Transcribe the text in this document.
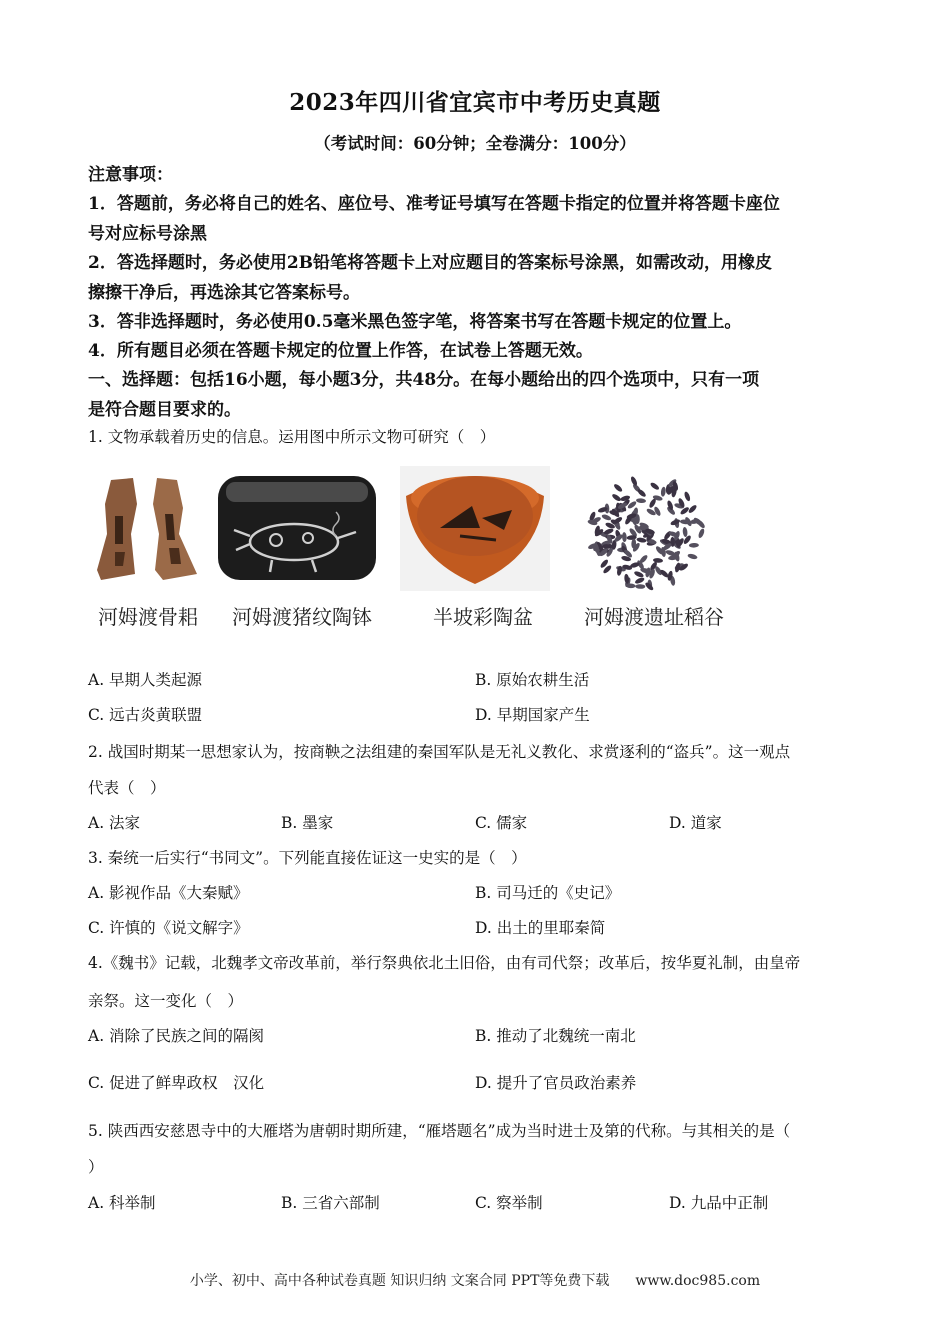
2023年四川省宜宾市中考历史真题
（考试时间：60分钟；全卷满分：100分）
注意事项：
1．答题前，务必将自己的姓名、座位号、准考证号填写在答题卡指定的位置并将答题卡座位
号对应标号涂黑
2．答选择题时，务必使用2B铅笔将答题卡上对应题目的答案标号涂黑，如需改动，用橡皮
擦擦干净后，再选涂其它答案标号。
3．答非选择题时，务必使用0.5毫米黑色签字笔，将答案书写在答题卡规定的位置上。
4．所有题目必须在答题卡规定的位置上作答，在试卷上答题无效。
一、选择题：包括16小题，每小题3分，共48分。在每小题给出的四个选项中，只有一项
是符合题目要求的。
1. 文物承载着历史的信息。运用图中所示文物可研究（　）
河姆渡骨耜 河姆渡猪纹陶钵	半坡彩陶盆	河姆渡遗址稻谷
A. 早期人类起源	B. 原始农耕生活
C. 远古炎黄联盟	D. 早期国家产生
2. 战国时期某一思想家认为，按商鞅之法组建的秦国军队是无礼义教化、求赏逐利的“盗兵”。这一观点
代表（　）
A. 法家	B. 墨家	C. 儒家	D. 道家
3. 秦统一后实行“书同文”。下列能直接佐证这一史实的是（　）
A. 影视作品《大秦赋》	B. 司马迁的《史记》
C. 许慎的《说文解字》	D. 出土的里耶秦简
4.《魏书》记载，北魏孝文帝改革前，举行祭典依北土旧俗，由有司代祭；改革后，按华夏礼制，由皇帝
亲祭。这一变化（　）
A. 消除了民族之间的隔阂	B. 推动了北魏统一南北
C. 促进了鲜卑政权　汉化	D. 提升了官员政治素养
5. 陕西西安慈恩寺中的大雁塔为唐朝时期所建，“雁塔题名”成为当时进士及第的代称。与其相关的是（
）
A. 科举制	B. 三省六部制	C. 察举制	D. 九品中正制
小学、初中、高中各种试卷真题 知识归纳 文案合同 PPT等免费下载 www.doc985.com
